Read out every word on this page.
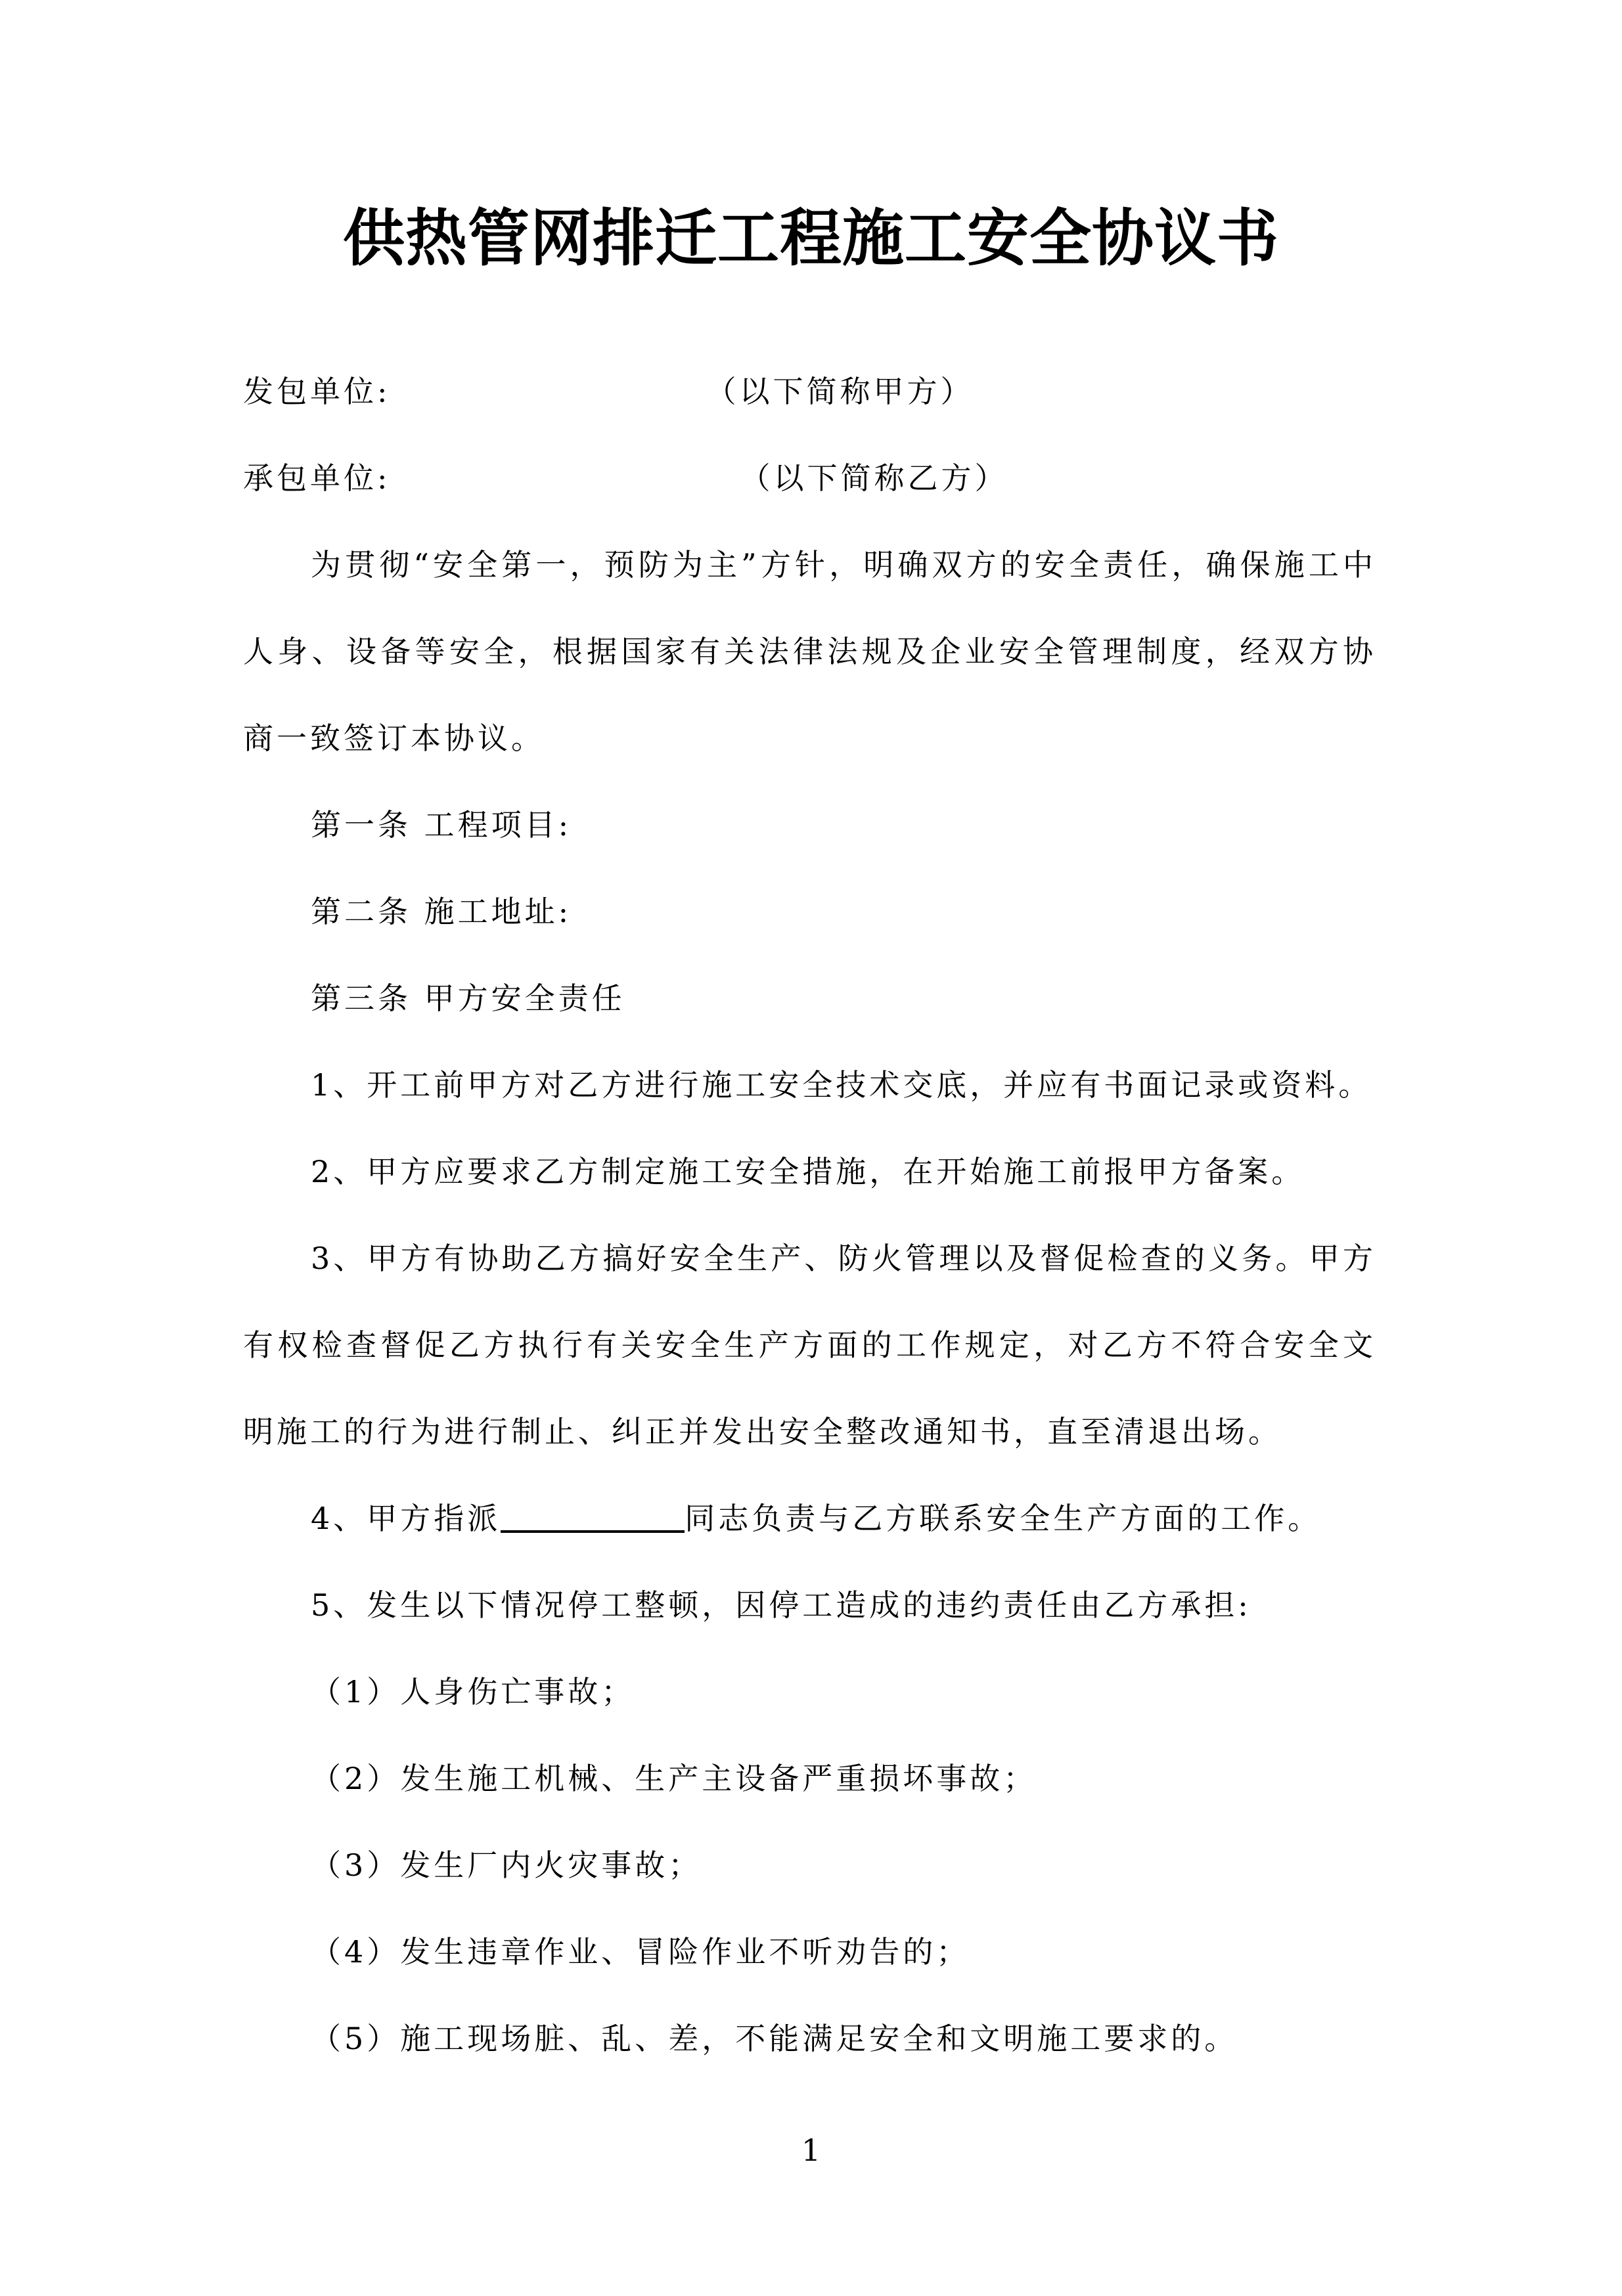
供热管网排迁工程施工安全协议书

发包单位:	（以下简称甲方）

承包单位:	（以下简称乙方）

为贯彻“安全第一，预防为主”方针，明确双方的安全责任，确保施工中人身、设备等安全，根据国家有关法律法规及企业安全管理制度，经双方协商一致签订本协议。

第一条 工程项目:

第二条 施工地址:

第三条 甲方安全责任

1、开工前甲方对乙方进行施工安全技术交底，并应有书面记录或资料。

2、甲方应要求乙方制定施工安全措施，在开始施工前报甲方备案。

3、甲方有协助乙方搞好安全生产、防火管理以及督促检查的义务。甲方有权检查督促乙方执行有关安全生产方面的工作规定，对乙方不符合安全文明施工的行为进行制止、纠正并发出安全整改通知书，直至清退出场。

4、甲方指派	同志负责与乙方联系安全生产方面的工作。

5、发生以下情况停工整顿，因停工造成的违约责任由乙方承担:

（1）人身伤亡事故；

（2）发生施工机械、生产主设备严重损坏事故；

（3）发生厂内火灾事故；

（4）发生违章作业、冒险作业不听劝告的；

（5）施工现场脏、乱、差，不能满足安全和文明施工要求的。

1
